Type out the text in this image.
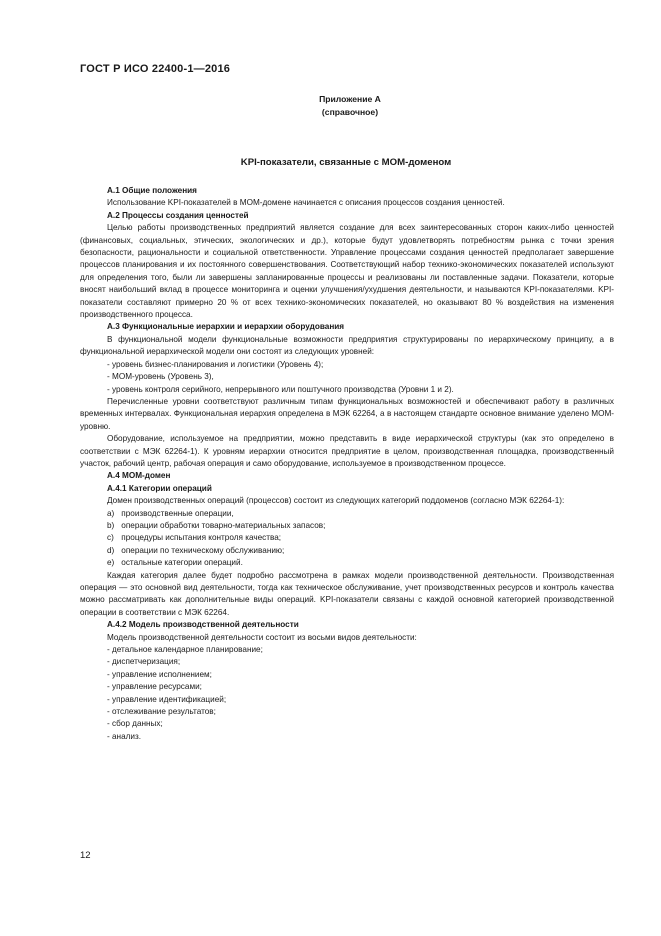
ГОСТ Р ИСО 22400-1—2016
Приложение А
(справочное)
KPI-показатели, связанные с МОМ-доменом

А.1 Общие положения

Использование KPI-показателей в МОМ-домене начинается с описания процессов создания ценностей.

А.2 Процессы создания ценностей

Целью работы производственных предприятий является создание для всех заинтересованных сторон каких-либо ценностей (финансовых, социальных, этических, экологических и др.), которые будут удовлетворять потребностям рынка с точки зрения безопасности, рациональности и социальной ответственности. Управление процессами создания ценностей предполагает завершение процессов планирования и их постоянного совершенствования. Соответствующий набор технико-экономических показателей используют для определения того, были ли завершены запланированные процессы и реализованы ли поставленные задачи. Показатели, которые вносят наибольший вклад в процессе мониторинга и оценки улучшения/ухудшения деятельности, и называются KPI-показателями. KPI-показатели составляют примерно 20 % от всех технико-экономических показателей, но оказывают 80 % воздействия на изменения производственного процесса.

А.3 Функциональные иерархии и иерархии оборудования

В функциональной модели функциональные возможности предприятия структурированы по иерархическому принципу, а в функциональной иерархической модели они состоят из следующих уровней:

- уровень бизнес-планирования и логистики (Уровень 4);

- МОМ-уровень (Уровень 3),

- уровень контроля серийного, непрерывного или поштучного производства (Уровни 1 и 2).

Перечисленные уровни соответствуют различным типам функциональных возможностей и обеспечивают работу в различных временных интервалах. Функциональная иерархия определена в МЭК 62264, а в настоящем стандарте основное внимание уделено МОМ-уровню.

Оборудование, используемое на предприятии, можно представить в виде иерархической структуры (как это определено в соответствии с МЭК 62264-1). К уровням иерархии относится предприятие в целом, производственная площадка, производственный участок, рабочий центр, рабочая операция и само оборудование, используемое в производственном процессе.

А.4 МОМ-домен

А.4.1 Категории операций

Домен производственных операций (процессов) состоит из следующих категорий поддоменов (согласно МЭК 62264-1):

a) производственные операции,

b) операции обработки товарно-материальных запасов;

c) процедуры испытания контроля качества;

d) операции по техническому обслуживанию;

e) остальные категории операций.

Каждая категория далее будет подробно рассмотрена в рамках модели производственной деятельности. Производственная операция — это основной вид деятельности, тогда как техническое обслуживание, учет производственных ресурсов и контроль качества можно рассматривать как дополнительные виды операций. KPI-показатели связаны с каждой основной категорией производственной операции в соответствии с МЭК 62264.

А.4.2 Модель производственной деятельности

Модель производственной деятельности состоит из восьми видов деятельности:

- детальное календарное планирование;

- диспетчеризация;

- управление исполнением;

- управление ресурсами;

- управление идентификацией;

- отслеживание результатов;

- сбор данных;

- анализ.

12
